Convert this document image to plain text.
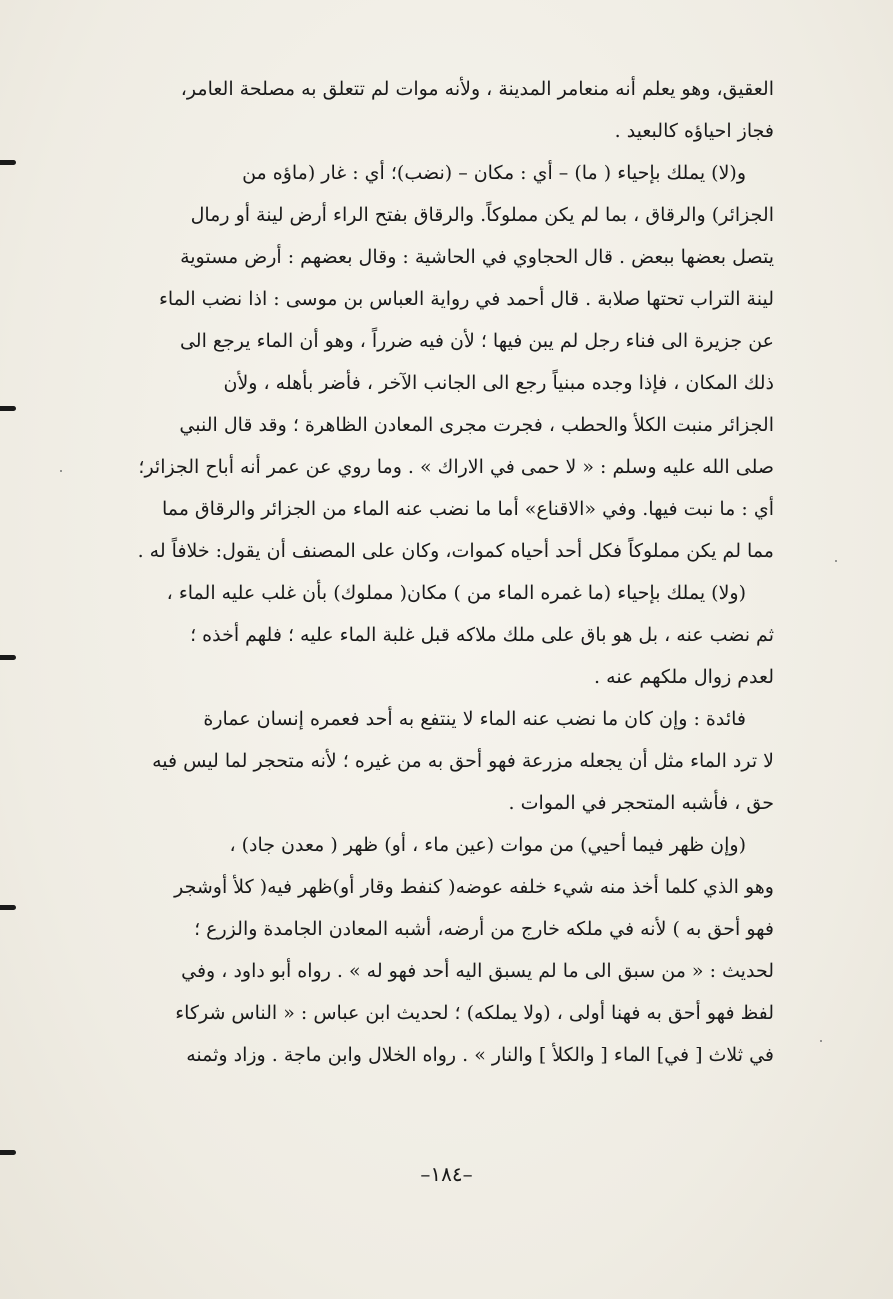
العقيق، وهو يعلم أنه منعامر المدينة ، ولأنه موات لم تتعلق به مصلحة العامر،
فجاز احياؤه كالبعيد .
و(لا) يملك بإحياء ( ما) – أي : مكان – (نضب)؛ أي : غار (ماؤه من
الجزائر) والرقاق ، بما لم يكن مملوكاً. والرقاق بفتح الراء أرض لينة أو رمال
يتصل بعضها ببعض . قال الحجاوي في الحاشية : وقال بعضهم : أرض مستوية
لينة التراب تحتها صلابة . قال أحمد في رواية العباس بن موسى : اذا نضب الماء
عن جزيرة الى فناء رجل لم يبن فيها ؛ لأن فيه ضرراً ، وهو أن الماء يرجع الى
ذلك المكان ، فإذا وجده مبنياً رجع الى الجانب الآخر ، فأضر بأهله ، ولأن
الجزائر منبت الكلأ والحطب ، فجرت مجرى المعادن الظاهرة ؛ وقد قال النبي
صلى الله عليه وسلم : « لا حمى في الاراك » . وما روي عن عمر أنه أباح الجزائر؛
أي : ما نبت فيها. وفي «الاقناع» أما ما نضب عنه الماء من الجزائر والرقاق مما
مما لم يكن مملوكاً فكل أحد أحياه كموات، وكان على المصنف أن يقول: خلافاً له .
(ولا) يملك بإحياء (ما غمره الماء من ) مكان( مملوك) بأن غلب عليه الماء ،
ثم نضب عنه ، بل هو باق على ملك ملاكه قبل غلبة الماء عليه ؛ فلهم أخذه ؛
لعدم زوال ملكهم عنه .
فائدة : وإن كان ما نضب عنه الماء لا ينتفع به أحد فعمره إنسان عمارة
لا ترد الماء مثل أن يجعله مزرعة فهو أحق به من غيره ؛ لأنه متحجر لما ليس فيه
حق ، فأشبه المتحجر في الموات .
(وإن ظهر فيما أحيي) من موات (عين ماء ، أو) ظهر ( معدن جاد) ،
وهو الذي كلما أخذ منه شيء خلفه عوضه( كنفط وقار أو)ظهر فيه( كلأ أوشجر
فهو أحق به ) لأنه في ملكه خارج من أرضه، أشبه المعادن الجامدة والزرع ؛
لحديث : « من سبق الى ما لم يسبق اليه أحد فهو له » . رواه أبو داود ، وفي
لفظ فهو أحق به فهنا أولى ، (ولا يملكه) ؛ لحديث ابن عباس : « الناس شركاء
في ثلاث [ في] الماء [ والكلأ ] والنار » . رواه الخلال وابن ماجة . وزاد وثمنه
–١٨٤–
